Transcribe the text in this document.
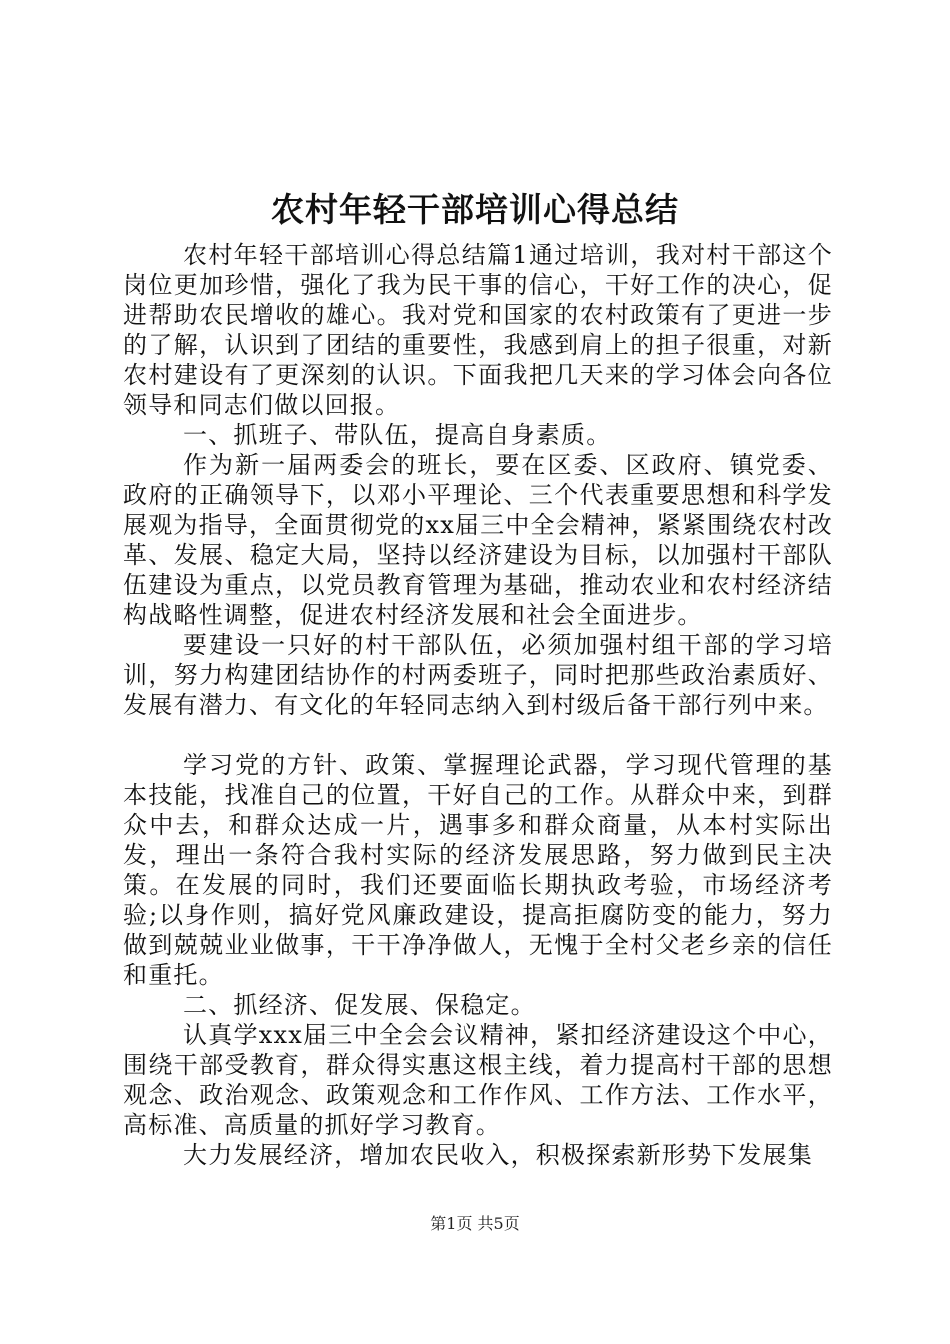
农村年轻干部培训心得总结

农村年轻干部培训心得总结篇1通过培训，我对村干部这个岗位更加珍惜，强化了我为民干事的信心，干好工作的决心，促进帮助农民增收的雄心。我对党和国家的农村政策有了更进一步的了解，认识到了团结的重要性，我感到肩上的担子很重，对新农村建设有了更深刻的认识。下面我把几天来的学习体会向各位领导和同志们做以回报。

一、抓班子、带队伍，提高自身素质。

作为新一届两委会的班长，要在区委、区政府、镇党委、政府的正确领导下，以邓小平理论、三个代表重要思想和科学发展观为指导，全面贯彻党的xx届三中全会精神，紧紧围绕农村改革、发展、稳定大局，坚持以经济建设为目标，以加强村干部队伍建设为重点，以党员教育管理为基础，推动农业和农村经济结构战略性调整，促进农村经济发展和社会全面进步。

要建设一只好的村干部队伍，必须加强村组干部的学习培训，努力构建团结协作的村两委班子，同时把那些政治素质好、发展有潜力、有文化的年轻同志纳入到村级后备干部行列中来。

学习党的方针、政策、掌握理论武器，学习现代管理的基本技能，找准自己的位置，干好自己的工作。从群众中来，到群众中去，和群众达成一片，遇事多和群众商量，从本村实际出发，理出一条符合我村实际的经济发展思路，努力做到民主决策。在发展的同时，我们还要面临长期执政考验，市场经济考验;以身作则，搞好党风廉政建设，提高拒腐防变的能力，努力做到兢兢业业做事，干干净净做人，无愧于全村父老乡亲的信任和重托。

二、抓经济、促发展、保稳定。

认真学xxx届三中全会会议精神，紧扣经济建设这个中心，围绕干部受教育，群众得实惠这根主线，着力提高村干部的思想观念、政治观念、政策观念和工作作风、工作方法、工作水平，高标准、高质量的抓好学习教育。

大力发展经济，增加农民收入，积极探索新形势下发展集

第1页 共5页
